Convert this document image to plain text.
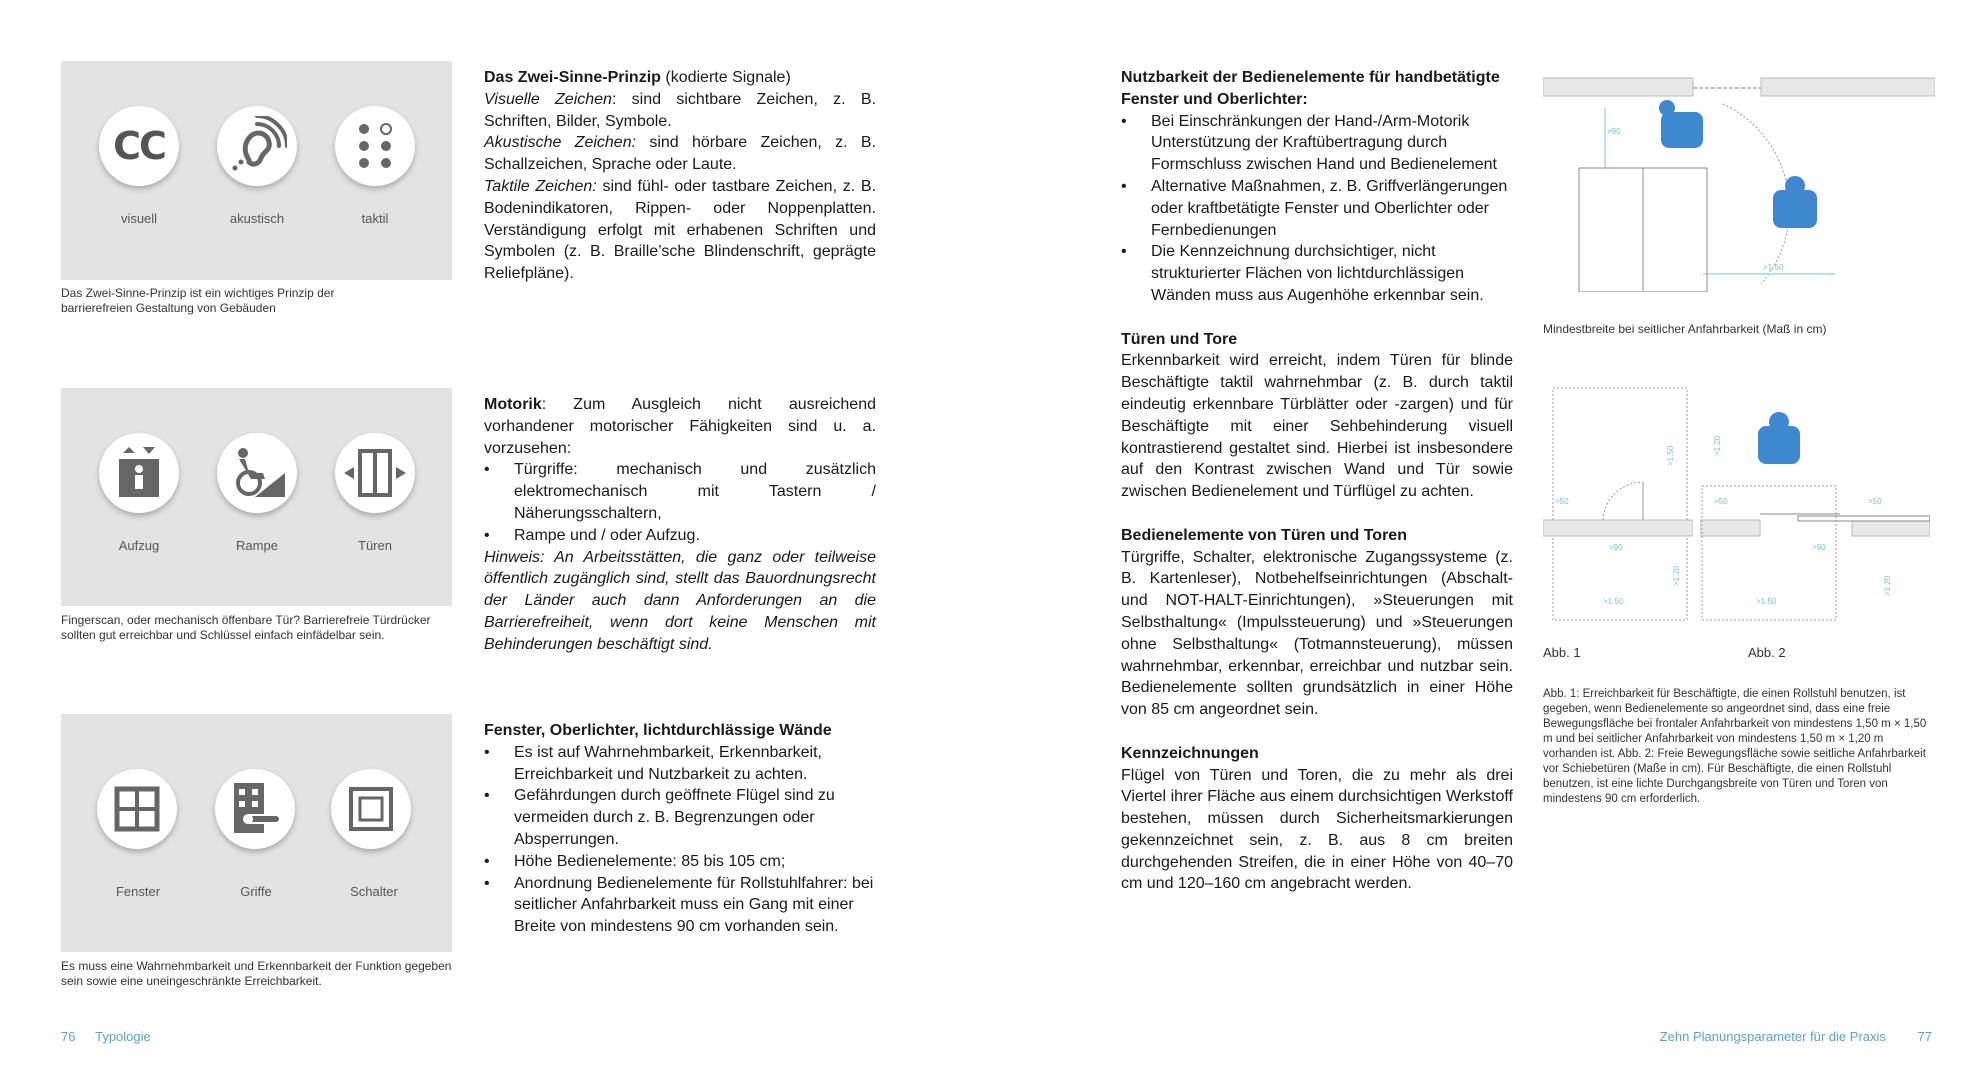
CC
visuell	akustisch	taktil
Das Zwei-Sinne-Prinzip ist ein wichtiges Prinzip der barrierefreien Gestaltung von Gebäuden
Aufzug	Rampe	Türen
Fingerscan, oder mechanisch öffenbare Tür? Barrierefreie Türdrücker sollten gut erreichbar und Schlüssel einfach einfädelbar sein.
Fenster	Griffe	Schalter
Es muss eine Wahrnehmbarkeit und Erkennbarkeit der Funktion gegeben sein sowie eine uneingeschränkte Erreichbarkeit.

Das Zwei-Sinne-Prinzip (kodierte Signale)
Visuelle Zeichen: sind sichtbare Zeichen, z. B. Schriften, Bilder, Symbole.
Akustische Zeichen: sind hörbare Zeichen, z. B. Schallzeichen, Sprache oder Laute.
Taktile Zeichen: sind fühl- oder tastbare Zeichen, z. B. Bodenindikatoren, Rippen- oder Noppenplatten. Verständigung erfolgt mit erhabenen Schriften und Symbolen (z. B. Braille’sche Blindenschrift, geprägte Reliefpläne).

Motorik: Zum Ausgleich nicht ausreichend vorhandener motorischer Fähigkeiten sind u. a. vorzusehen:

• Türgriffe: mechanisch und zusätzlich elektromechanisch mit Tastern / Näherungsschaltern,
• Rampe und / oder Aufzug.

Hinweis: An Arbeitsstätten, die ganz oder teilweise öffentlich zugänglich sind, stellt das Bauordnungsrecht der Länder auch dann Anforderungen an die Barrierefreiheit, wenn dort keine Menschen mit Behinderungen beschäftigt sind.

Fenster, Oberlichter, lichtdurchlässige Wände

• Es ist auf Wahrnehmbarkeit, Erkennbarkeit, Erreichbarkeit und Nutzbarkeit zu achten.
• Gefährdungen durch geöffnete Flügel sind zu vermeiden durch z. B. Begrenzungen oder Absperrungen.
• Höhe Bedienelemente: 85 bis 105 cm;
• Anordnung Bedienelemente für Rollstuhlfahrer: bei seitlicher Anfahrbarkeit muss ein Gang mit einer Breite von mindestens 90 cm vorhanden sein.
76 Typologie

Nutzbarkeit der Bedienelemente für handbetätigte Fenster und Oberlichter:

• Bei Einschränkungen der Hand-/Arm-Motorik Unterstützung der Kraftübertragung durch Formschluss zwischen Hand und Bedienelement
• Alternative Maßnahmen, z. B. Griffverlängerungen oder kraftbetätigte Fenster und Oberlichter oder Fernbedienungen
• Die Kennzeichnung durchsichtiger, nicht strukturierter Flächen von lichtdurchlässigen Wänden muss aus Augenhöhe erkennbar sein.

Türen und Tore

Erkennbarkeit wird erreicht, indem Türen für blinde Beschäftigte taktil wahrnehmbar (z. B. durch taktil eindeutig erkennbare Türblätter oder -zargen) und für Beschäftigte mit einer Sehbehinderung visuell kontrastierend gestaltet sind. Hierbei ist insbesondere auf den Kontrast zwischen Wand und Tür sowie zwischen Bedienelement und Türflügel zu achten.

Bedienelemente von Türen und Toren

Türgriffe, Schalter, elektronische Zugangssysteme (z. B. Kartenleser), Notbehelfseinrichtungen (Abschalt- und NOT-HALT-Einrichtungen), »Steuerungen mit Selbsthaltung« (Impulssteuerung) und »Steuerungen ohne Selbsthaltung« (Totmannsteuerung), müssen wahrnehmbar, erkennbar, erreichbar und nutzbar sein. Bedienelemente sollten grundsätzlich in einer Höhe von 85 cm angeordnet sein.

Kennzeichnungen

Flügel von Türen und Toren, die zu mehr als drei Viertel ihrer Fläche aus einem durchsichtigen Werkstoff bestehen, müssen durch Sicherheitsmarkierungen gekennzeichnet sein, z. B. aus 8 cm breiten durchgehenden Streifen, die in einer Höhe von 40–70 cm und 120–160 cm angebracht werden.

>90
>1.50
Mindestbreite bei seitlicher Anfahrbarkeit (Maß in cm)
>50
>90
>1.50
>1.50
>1.20
>50	>50
>90
>1.50
>1.20
>1.20
Abb. 1	Abb. 2
Abb. 1: Erreichbarkeit für Beschäftigte, die einen Rollstuhl benutzen, ist gegeben, wenn Bedienelemente so angeordnet sind, dass eine freie Bewegungsfläche bei frontaler Anfahrbarkeit von mindestens 1,50 m × 1,50 m und bei seitlicher Anfahrbarkeit von mindestens 1,50 m × 1,20 m vorhanden ist. Abb. 2: Freie Bewegungsfläche sowie seitliche Anfahrbarkeit vor Schiebetüren (Maße in cm). Für Beschäftigte, die einen Rollstuhl benutzen, ist eine lichte Durchgangsbreite von Türen und Toren von mindestens 90 cm erforderlich.
Zehn Planungsparameter für die Praxis 77
